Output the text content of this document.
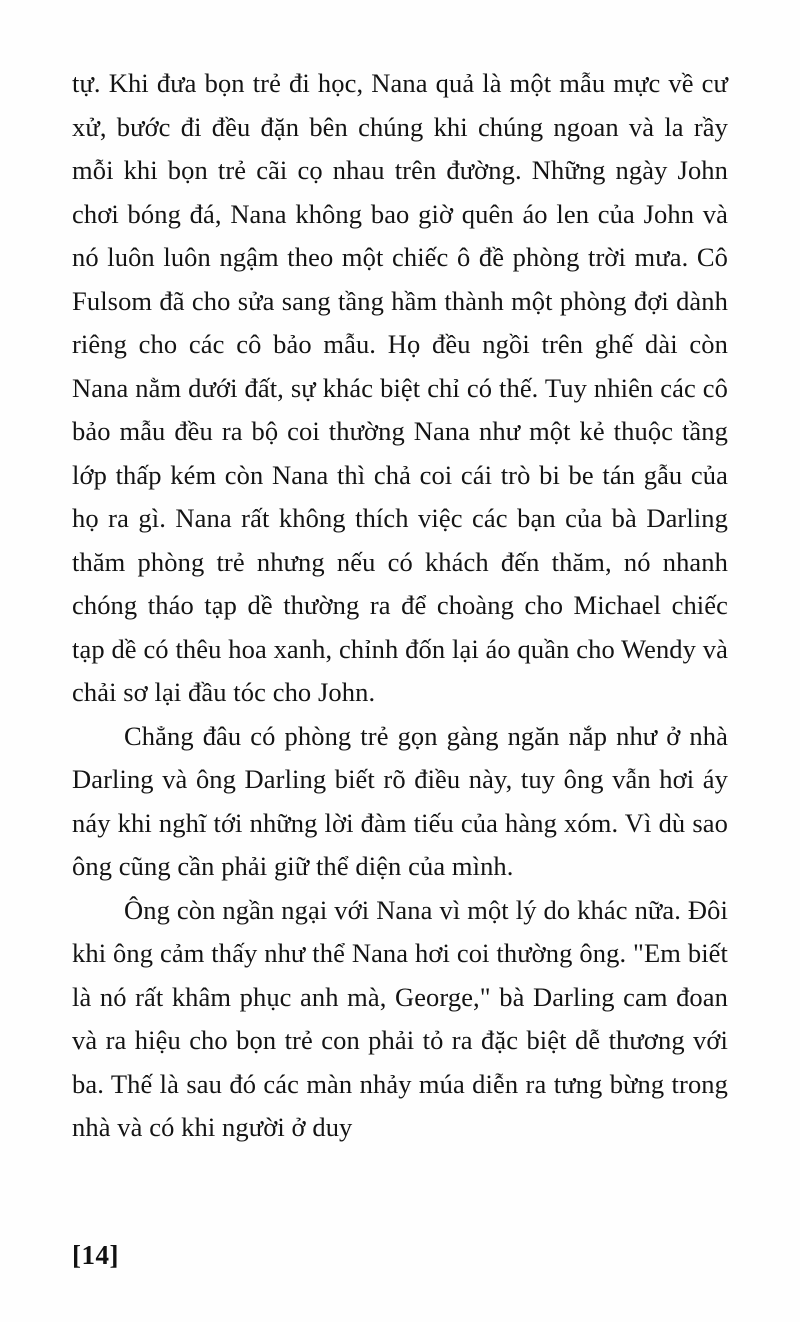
tự. Khi đưa bọn trẻ đi học, Nana quả là một mẫu mực về cư xử, bước đi đều đặn bên chúng khi chúng ngoan và la rầy mỗi khi bọn trẻ cãi cọ nhau trên đường. Những ngày John chơi bóng đá, Nana không bao giờ quên áo len của John và nó luôn luôn ngậm theo một chiếc ô đề phòng trời mưa. Cô Fulsom đã cho sửa sang tầng hầm thành một phòng đợi dành riêng cho các cô bảo mẫu. Họ đều ngồi trên ghế dài còn Nana nằm dưới đất, sự khác biệt chỉ có thế. Tuy nhiên các cô bảo mẫu đều ra bộ coi thường Nana như một kẻ thuộc tầng lớp thấp kém còn Nana thì chả coi cái trò bi be tán gẫu của họ ra gì. Nana rất không thích việc các bạn của bà Darling thăm phòng trẻ nhưng nếu có khách đến thăm, nó nhanh chóng tháo tạp dề thường ra để choàng cho Michael chiếc tạp dề có thêu hoa xanh, chỉnh đốn lại áo quần cho Wendy và chải sơ lại đầu tóc cho John.

Chẳng đâu có phòng trẻ gọn gàng ngăn nắp như ở nhà Darling và ông Darling biết rõ điều này, tuy ông vẫn hơi áy náy khi nghĩ tới những lời đàm tiếu của hàng xóm. Vì dù sao ông cũng cần phải giữ thể diện của mình.

Ông còn ngần ngại với Nana vì một lý do khác nữa. Đôi khi ông cảm thấy như thể Nana hơi coi thường ông. "Em biết là nó rất khâm phục anh mà, George," bà Darling cam đoan và ra hiệu cho bọn trẻ con phải tỏ ra đặc biệt dễ thương với ba. Thế là sau đó các màn nhảy múa diễn ra tưng bừng trong nhà và có khi người ở duy

[14]
